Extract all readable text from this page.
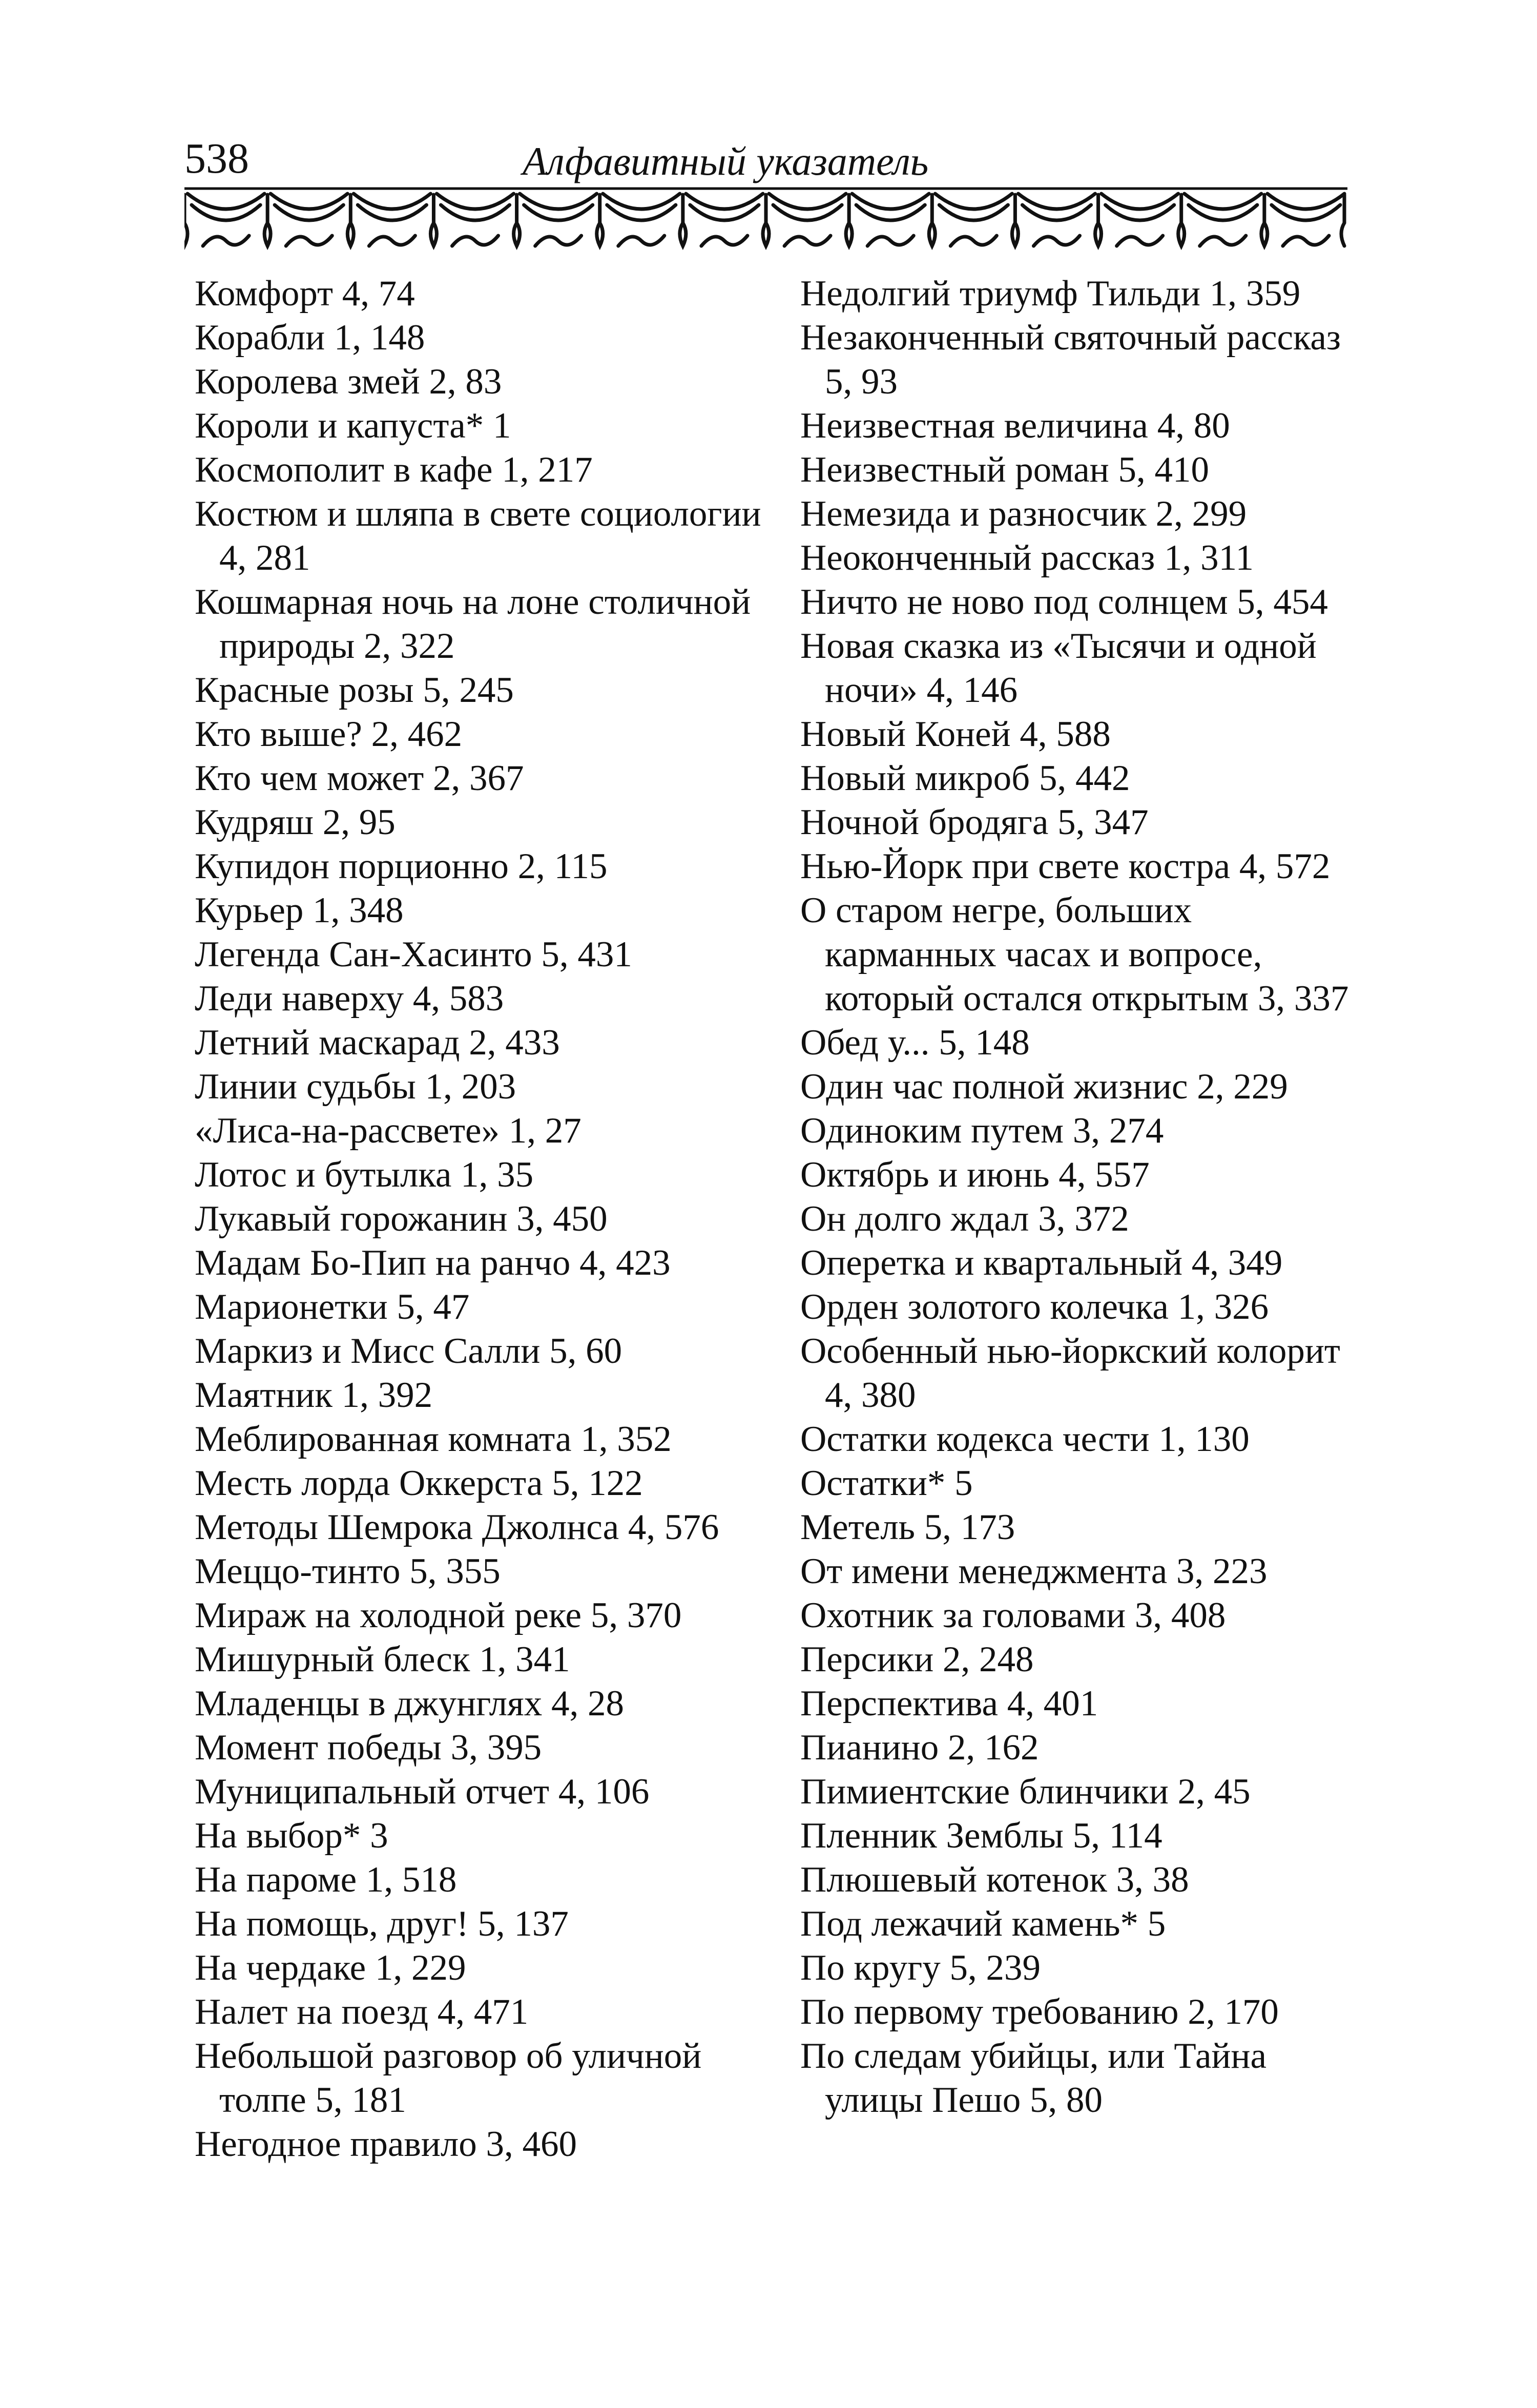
538	Алфавитный указатель
Комфорт 4, 74
Корабли 1, 148
Королева змей 2, 83
Короли и капуста* 1
Космополит в кафе 1, 217
Костюм и шляпа в свете социологии 4, 281
Кошмарная ночь на лоне столичной природы 2, 322
Красные розы 5, 245
Кто выше? 2, 462
Кто чем может 2, 367
Кудряш 2, 95
Купидон порционно 2, 115
Курьер 1, 348
Легенда Сан-Хасинто 5, 431
Леди наверху 4, 583
Летний маскарад 2, 433
Линии судьбы 1, 203
«Лиса-на-рассвете» 1, 27
Лотос и бутылка 1, 35
Лукавый горожанин 3, 450
Мадам Бо-Пип на ранчо 4, 423
Марионетки 5, 47
Маркиз и Мисс Салли 5, 60
Маятник 1, 392
Меблированная комната 1, 352
Месть лорда Оккерста 5, 122
Методы Шемрока Джолнса 4, 576
Меццо-тинто 5, 355
Мираж на холодной реке 5, 370
Мишурный блеск 1, 341
Младенцы в джунглях 4, 28
Момент победы 3, 395
Муниципальный отчет 4, 106
На выбор* 3
На пароме 1, 518
На помощь, друг! 5, 137
На чердаке 1, 229
Налет на поезд 4, 471
Небольшой разговор об уличной толпе 5, 181
Негодное правило 3, 460
Недолгий триумф Тильди 1, 359
Незаконченный святочный рассказ 5, 93
Неизвестная величина 4, 80
Неизвестный роман 5, 410
Немезида и разносчик 2, 299
Неоконченный рассказ 1, 311
Ничто не ново под солнцем 5, 454
Новая сказка из «Тысячи и одной ночи» 4, 146
Новый Коней 4, 588
Новый микроб 5, 442
Ночной бродяга 5, 347
Нью-Йорк при свете костра 4, 572
О старом негре, больших карманных часах и вопросе, который остался открытым 3, 337
Обед у... 5, 148
Один час полной жизнис 2, 229
Одиноким путем 3, 274
Октябрь и июнь 4, 557
Он долго ждал 3, 372
Оперетка и квартальный 4, 349
Орден золотого колечка 1, 326
Особенный нью-йоркский колорит 4, 380
Остатки кодекса чести 1, 130
Остатки* 5
Метель 5, 173
От имени менеджмента 3, 223
Охотник за головами 3, 408
Персики 2, 248
Перспектива 4, 401
Пианино 2, 162
Пимиентские блинчики 2, 45
Пленник Земблы 5, 114
Плюшевый котенок 3, 38
Под лежачий камень* 5
По кругу 5, 239
По первому требованию 2, 170
По следам убийцы, или Тайна улицы Пешо 5, 80
